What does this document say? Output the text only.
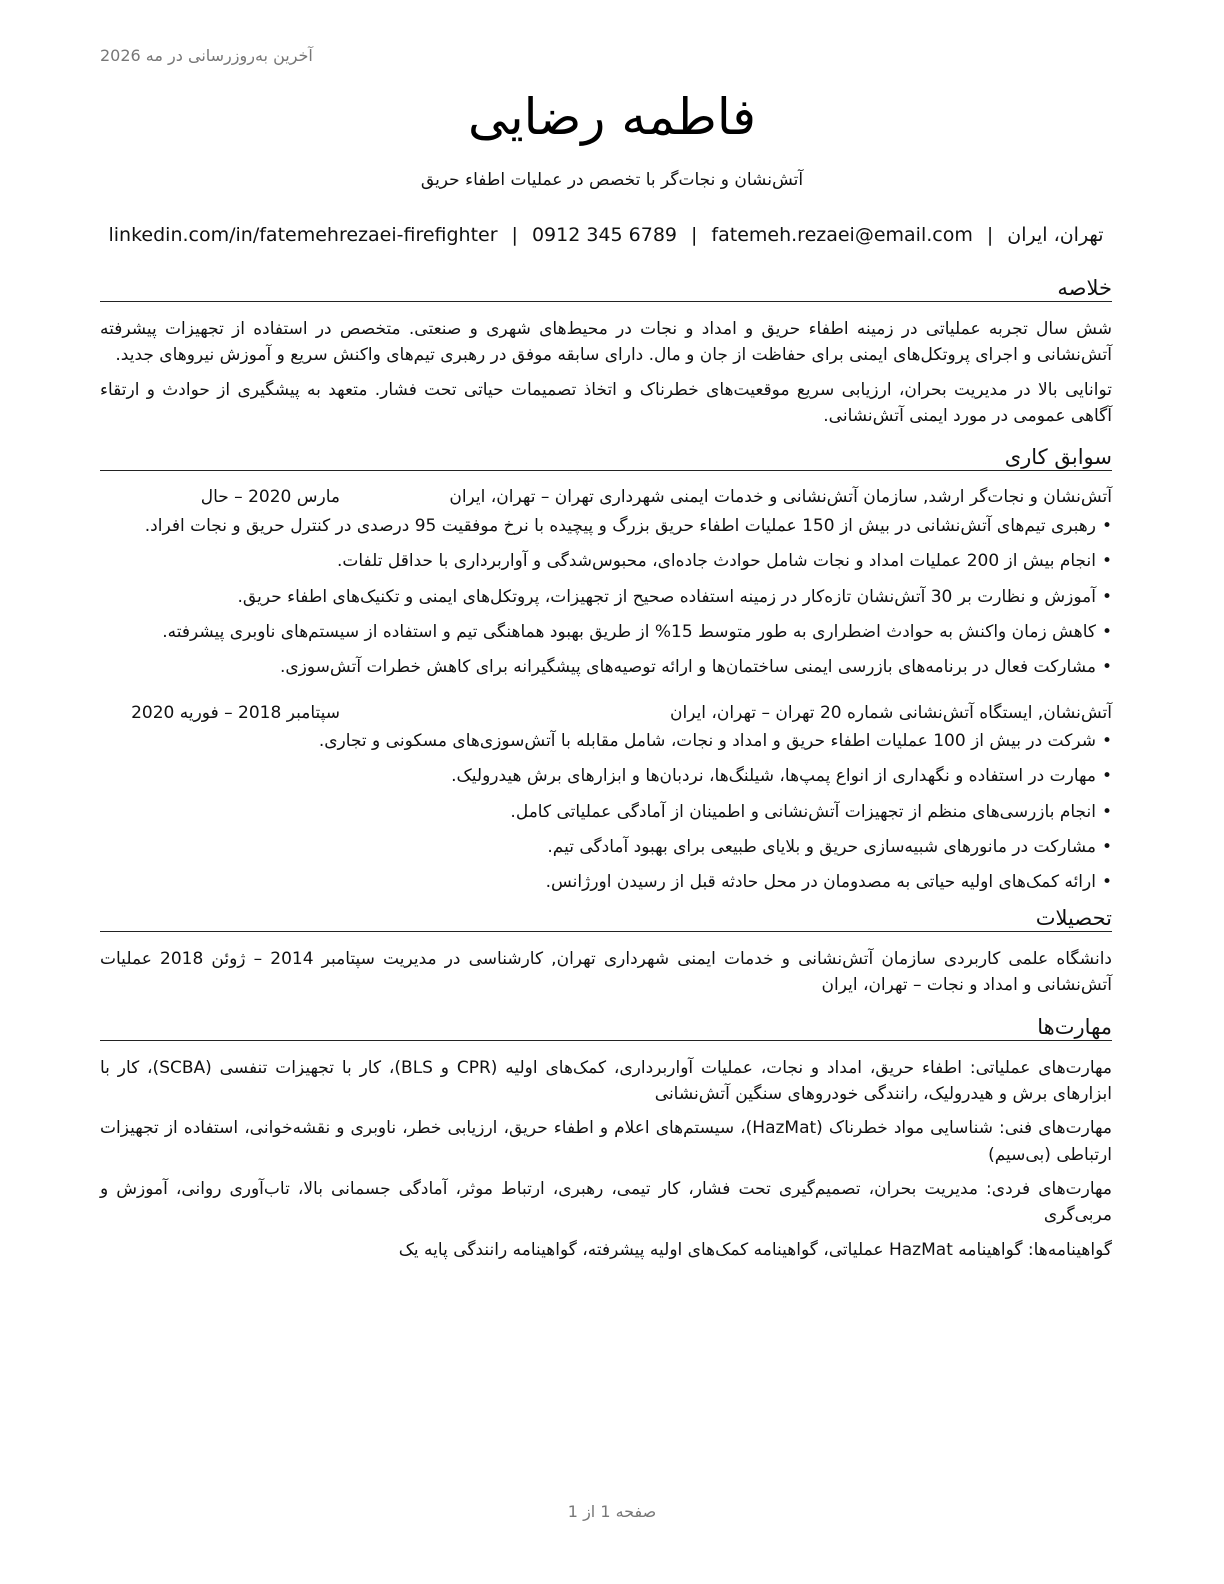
آخرین به‌روزرسانی در مه 2026
فاطمه رضایی
آتش‌نشان و نجات‌گر با تخصص در عملیات اطفاء حریق
تهران، ایران|fatemeh.rezaei@email.com|0912 345 6789|linkedin.com/in/fatemehrezaei-firefighter
خلاصه

شش سال تجربه عملیاتی در زمینه اطفاء حریق و امداد و نجات در محیط‌های شهری و صنعتی. متخصص در استفاده از تجهیزات پیشرفته آتش‌نشانی و اجرای پروتکل‌های ایمنی برای حفاظت از جان و مال. دارای سابقه موفق در رهبری تیم‌های واکنش سریع و آموزش نیروهای جدید.

توانایی بالا در مدیریت بحران، ارزیابی سریع موقعیت‌های خطرناک و اتخاذ تصمیمات حیاتی تحت فشار. متعهد به پیشگیری از حوادث و ارتقاء آگاهی عمومی در مورد ایمنی آتش‌نشانی.

سوابق کاری
آتش‌نشان و نجات‌گر ارشد, سازمان آتش‌نشانی و خدمات ایمنی شهرداری تهران – تهران، ایران
مارس 2020 – حال
• رهبری تیم‌های آتش‌نشانی در بیش از 150 عملیات اطفاء حریق بزرگ و پیچیده با نرخ موفقیت 95 درصدی در کنترل حریق و نجات افراد.
• انجام بیش از 200 عملیات امداد و نجات شامل حوادث جاده‌ای، محبوس‌شدگی و آواربرداری با حداقل تلفات.
• آموزش و نظارت بر 30 آتش‌نشان تازه‌کار در زمینه استفاده صحیح از تجهیزات، پروتکل‌های ایمنی و تکنیک‌های اطفاء حریق.
• کاهش زمان واکنش به حوادث اضطراری به طور متوسط 15% از طریق بهبود هماهنگی تیم و استفاده از سیستم‌های ناوبری پیشرفته.
• مشارکت فعال در برنامه‌های بازرسی ایمنی ساختمان‌ها و ارائه توصیه‌های پیشگیرانه برای کاهش خطرات آتش‌سوزی.
آتش‌نشان, ایستگاه آتش‌نشانی شماره 20 تهران – تهران، ایران
سپتامبر 2018 – فوریه 2020
• شرکت در بیش از 100 عملیات اطفاء حریق و امداد و نجات، شامل مقابله با آتش‌سوزی‌های مسکونی و تجاری.
• مهارت در استفاده و نگهداری از انواع پمپ‌ها، شیلنگ‌ها، نردبان‌ها و ابزارهای برش هیدرولیک.
• انجام بازرسی‌های منظم از تجهیزات آتش‌نشانی و اطمینان از آمادگی عملیاتی کامل.
• مشارکت در مانورهای شبیه‌سازی حریق و بلایای طبیعی برای بهبود آمادگی تیم.
• ارائه کمک‌های اولیه حیاتی به مصدومان در محل حادثه قبل از رسیدن اورژانس.
تحصیلات

دانشگاه علمی کاربردی سازمان آتش‌نشانی و خدمات ایمنی شهرداری تهران, کارشناسی در مدیریت سپتامبر 2014 – ژوئن 2018 عملیات آتش‌نشانی و امداد و نجات – تهران، ایران

مهارت‌ها

مهارت‌های عملیاتی: اطفاء حریق، امداد و نجات، عملیات آواربرداری، کمک‌های اولیه (CPR و BLS)، کار با تجهیزات تنفسی (SCBA)، کار با ابزارهای برش و هیدرولیک، رانندگی خودروهای سنگین آتش‌نشانی

مهارت‌های فنی: شناسایی مواد خطرناک (HazMat)، سیستم‌های اعلام و اطفاء حریق، ارزیابی خطر، ناوبری و نقشه‌خوانی، استفاده از تجهیزات ارتباطی (بی‌سیم)

مهارت‌های فردی: مدیریت بحران، تصمیم‌گیری تحت فشار، کار تیمی، رهبری، ارتباط موثر، آمادگی جسمانی بالا، تاب‌آوری روانی، آموزش و مربی‌گری

گواهینامه‌ها: گواهینامه HazMat عملیاتی، گواهینامه کمک‌های اولیه پیشرفته، گواهینامه رانندگی پایه یک

صفحه 1 از 1
